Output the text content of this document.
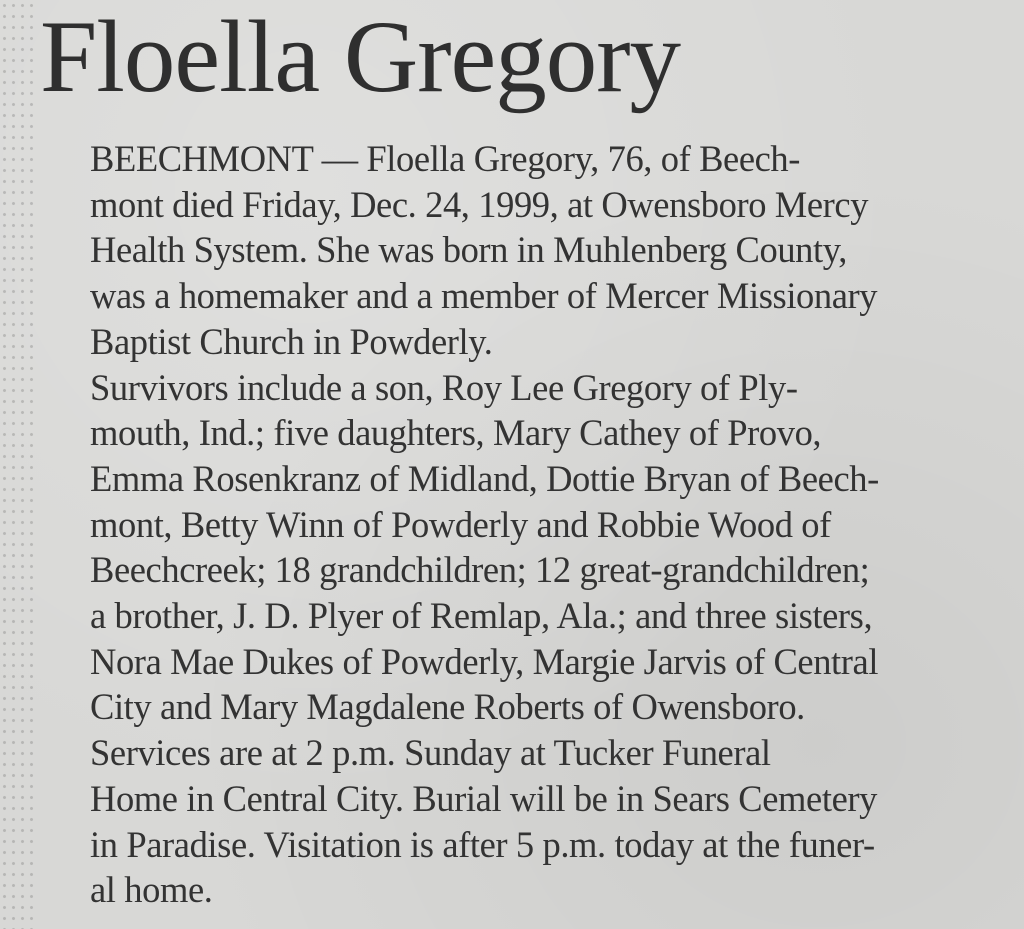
Floella Gregory

BEECHMONT — Floella Gregory, 76, of Beech-
mont died Friday, Dec. 24, 1999, at Owensboro Mercy
Health System. She was born in Muhlenberg County,
was a homemaker and a member of Mercer Missionary
Baptist Church in Powderly.

Survivors include a son, Roy Lee Gregory of Ply-
mouth, Ind.; five daughters, Mary Cathey of Provo,
Emma Rosenkranz of Midland, Dottie Bryan of Beech-
mont, Betty Winn of Powderly and Robbie Wood of
Beechcreek; 18 grandchildren; 12 great-grandchildren;
a brother, J. D. Plyer of Remlap, Ala.; and three sisters,
Nora Mae Dukes of Powderly, Margie Jarvis of Central
City and Mary Magdalene Roberts of Owensboro.

Services are at 2 p.m. Sunday at Tucker Funeral
Home in Central City. Burial will be in Sears Cemetery
in Paradise. Visitation is after 5 p.m. today at the funer-
al home.
